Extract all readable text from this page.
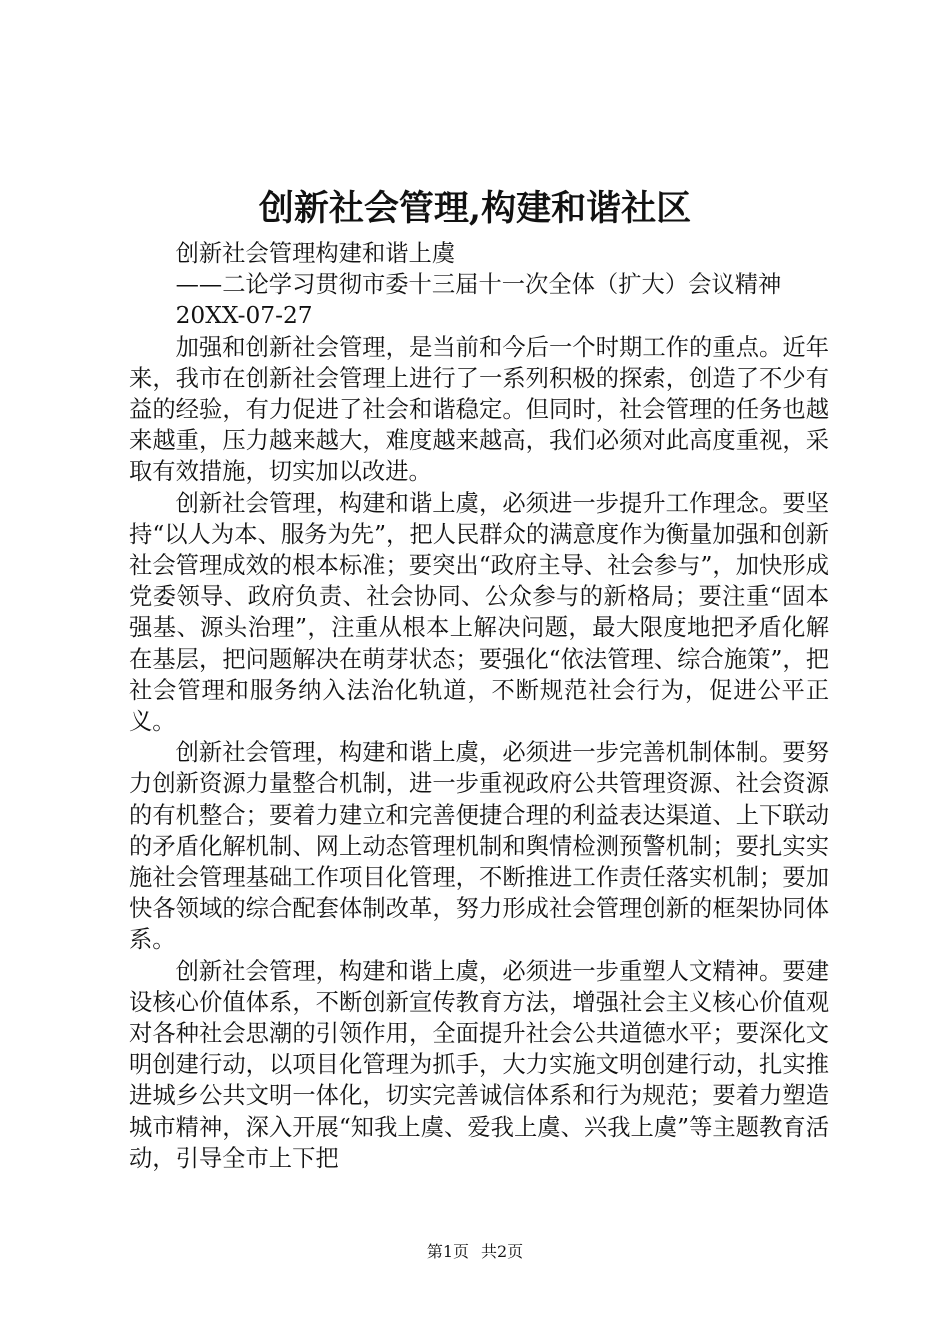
创新社会管理,构建和谐社区

创新社会管理构建和谐上虞

——二论学习贯彻市委十三届十一次全体（扩大）会议精神

20XX-07-27

加强和创新社会管理，是当前和今后一个时期工作的重点。近年来，我市在创新社会管理上进行了一系列积极的探索，创造了不少有益的经验，有力促进了社会和谐稳定。但同时，社会管理的任务也越来越重，压力越来越大，难度越来越高，我们必须对此高度重视，采取有效措施，切实加以改进。

创新社会管理，构建和谐上虞，必须进一步提升工作理念。要坚持“以人为本、服务为先”，把人民群众的满意度作为衡量加强和创新社会管理成效的根本标准；要突出“政府主导、社会参与”，加快形成党委领导、政府负责、社会协同、公众参与的新格局；要注重“固本强基、源头治理”，注重从根本上解决问题，最大限度地把矛盾化解在基层，把问题解决在萌芽状态；要强化“依法管理、综合施策”，把社会管理和服务纳入法治化轨道，不断规范社会行为，促进公平正义。

创新社会管理，构建和谐上虞，必须进一步完善机制体制。要努力创新资源力量整合机制，进一步重视政府公共管理资源、社会资源的有机整合；要着力建立和完善便捷合理的利益表达渠道、上下联动的矛盾化解机制、网上动态管理机制和舆情检测预警机制；要扎实实施社会管理基础工作项目化管理，不断推进工作责任落实机制；要加快各领域的综合配套体制改革，努力形成社会管理创新的框架协同体系。

创新社会管理，构建和谐上虞，必须进一步重塑人文精神。要建设核心价值体系，不断创新宣传教育方法，增强社会主义核心价值观对各种社会思潮的引领作用，全面提升社会公共道德水平；要深化文明创建行动，以项目化管理为抓手，大力实施文明创建行动，扎实推进城乡公共文明一体化，切实完善诚信体系和行为规范；要着力塑造城市精神，深入开展“知我上虞、爱我上虞、兴我上虞”等主题教育活动，引导全市上下把

第1页 共2页
